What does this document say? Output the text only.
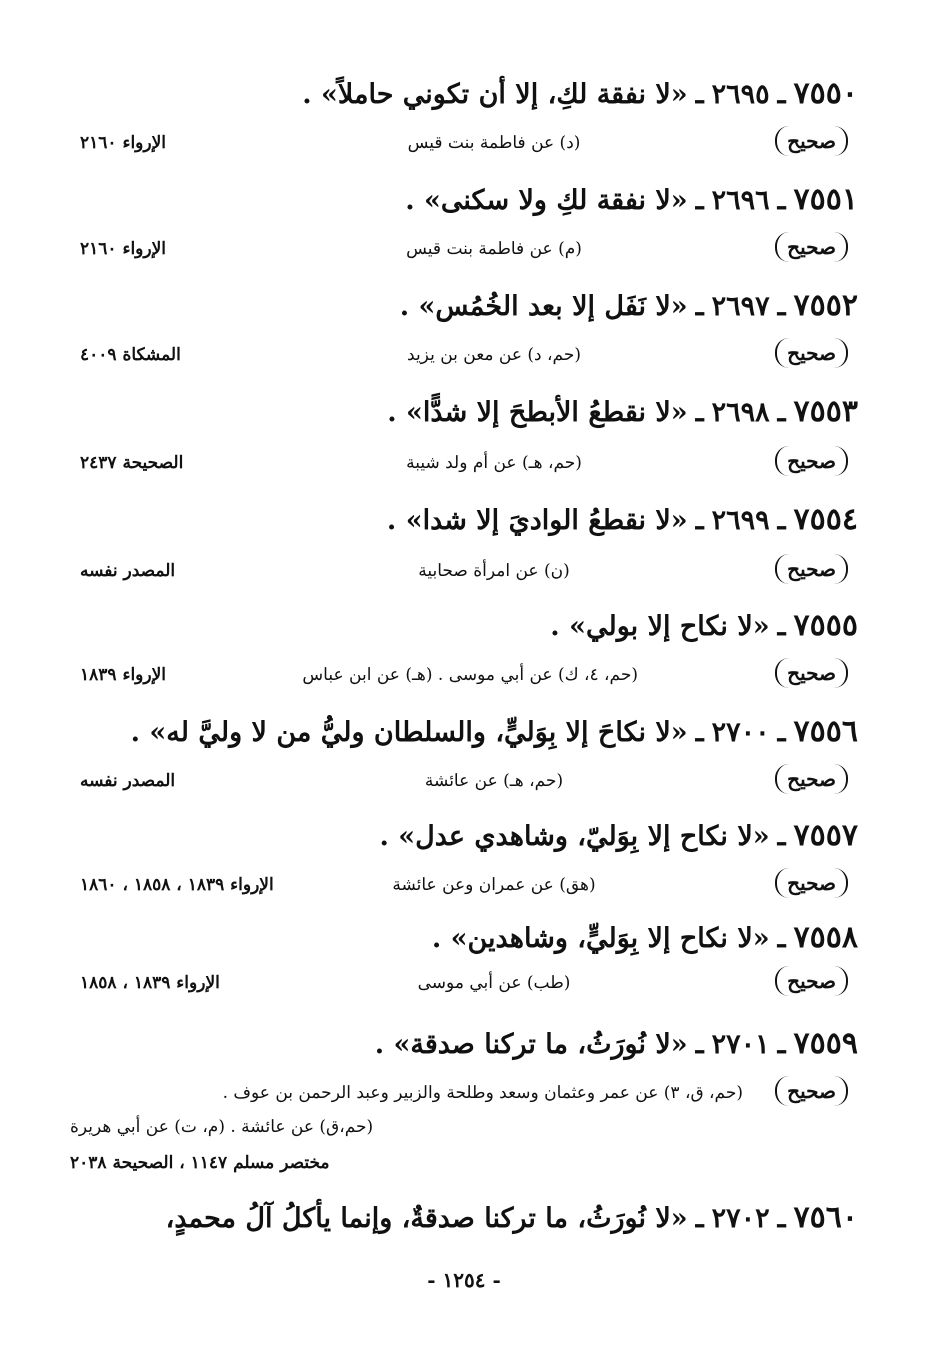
٧٥٥٠ـ٢٦٩٥ـ«لا نفقة لكِ، إلا أن تكوني حاملاً» .
صحيح
(د) عن فاطمة بنت قيس
الإرواء ٢١٦٠
٧٥٥١ـ٢٦٩٦ـ«لا نفقة لكِ ولا سكنى» .
صحيح
(م) عن فاطمة بنت قيس
الإرواء ٢١٦٠
٧٥٥٢ـ٢٦٩٧ـ«لا نَفَل إلا بعد الخُمُس» .
صحيح
(حم، د) عن معن بن يزيد
المشكاة ٤٠٠٩
٧٥٥٣ـ٢٦٩٨ـ«لا نقطعُ الأبطحَ إلا شدًّا» .
صحيح
(حم، هـ) عن أم ولد شيبة
الصحيحة ٢٤٣٧
٧٥٥٤ـ٢٦٩٩ـ«لا نقطعُ الواديَ إلا شدا» .
صحيح
(ن) عن امرأة صحابية
المصدر نفسه
٧٥٥٥ـ«لا نكاح إلا بولي» .
صحيح
(حم، ٤، ك) عن أبي موسى . (هـ) عن ابن عباس
الإرواء ١٨٣٩
٧٥٥٦ـ٢٧٠٠ـ«لا نكاحَ إلا بِوَليٍّ، والسلطان وليُّ من لا وليَّ له» .
صحيح
(حم، هـ) عن عائشة
المصدر نفسه
٧٥٥٧ـ«لا نكاح إلا بِوَليّ، وشاهدي عدل» .
صحيح
(هق) عن عمران وعن عائشة
الإرواء ١٨٣٩ ، ١٨٥٨ ، ١٨٦٠
٧٥٥٨ـ«لا نكاح إلا بِوَليٍّ، وشاهدين» .
صحيح
(طب) عن أبي موسى
الإرواء ١٨٣٩ ، ١٨٥٨
٧٥٥٩ـ٢٧٠١ـ«لا نُورَثُ، ما تركنا صدقة» .
صحيح
(حم، ق، ٣) عن عمر وعثمان وسعد وطلحة والزبير وعبد الرحمن بن عوف .
(حم،ق) عن عائشة . (م، ت) عن أبي هريرة
مختصر مسلم ١١٤٧ ، الصحيحة ٢٠٣٨
٧٥٦٠ـ٢٧٠٢ـ«لا نُورَثُ، ما تركنا صدقةٌ، وإنما يأكلُ آلُ محمدٍ،
- ١٢٥٤ -
